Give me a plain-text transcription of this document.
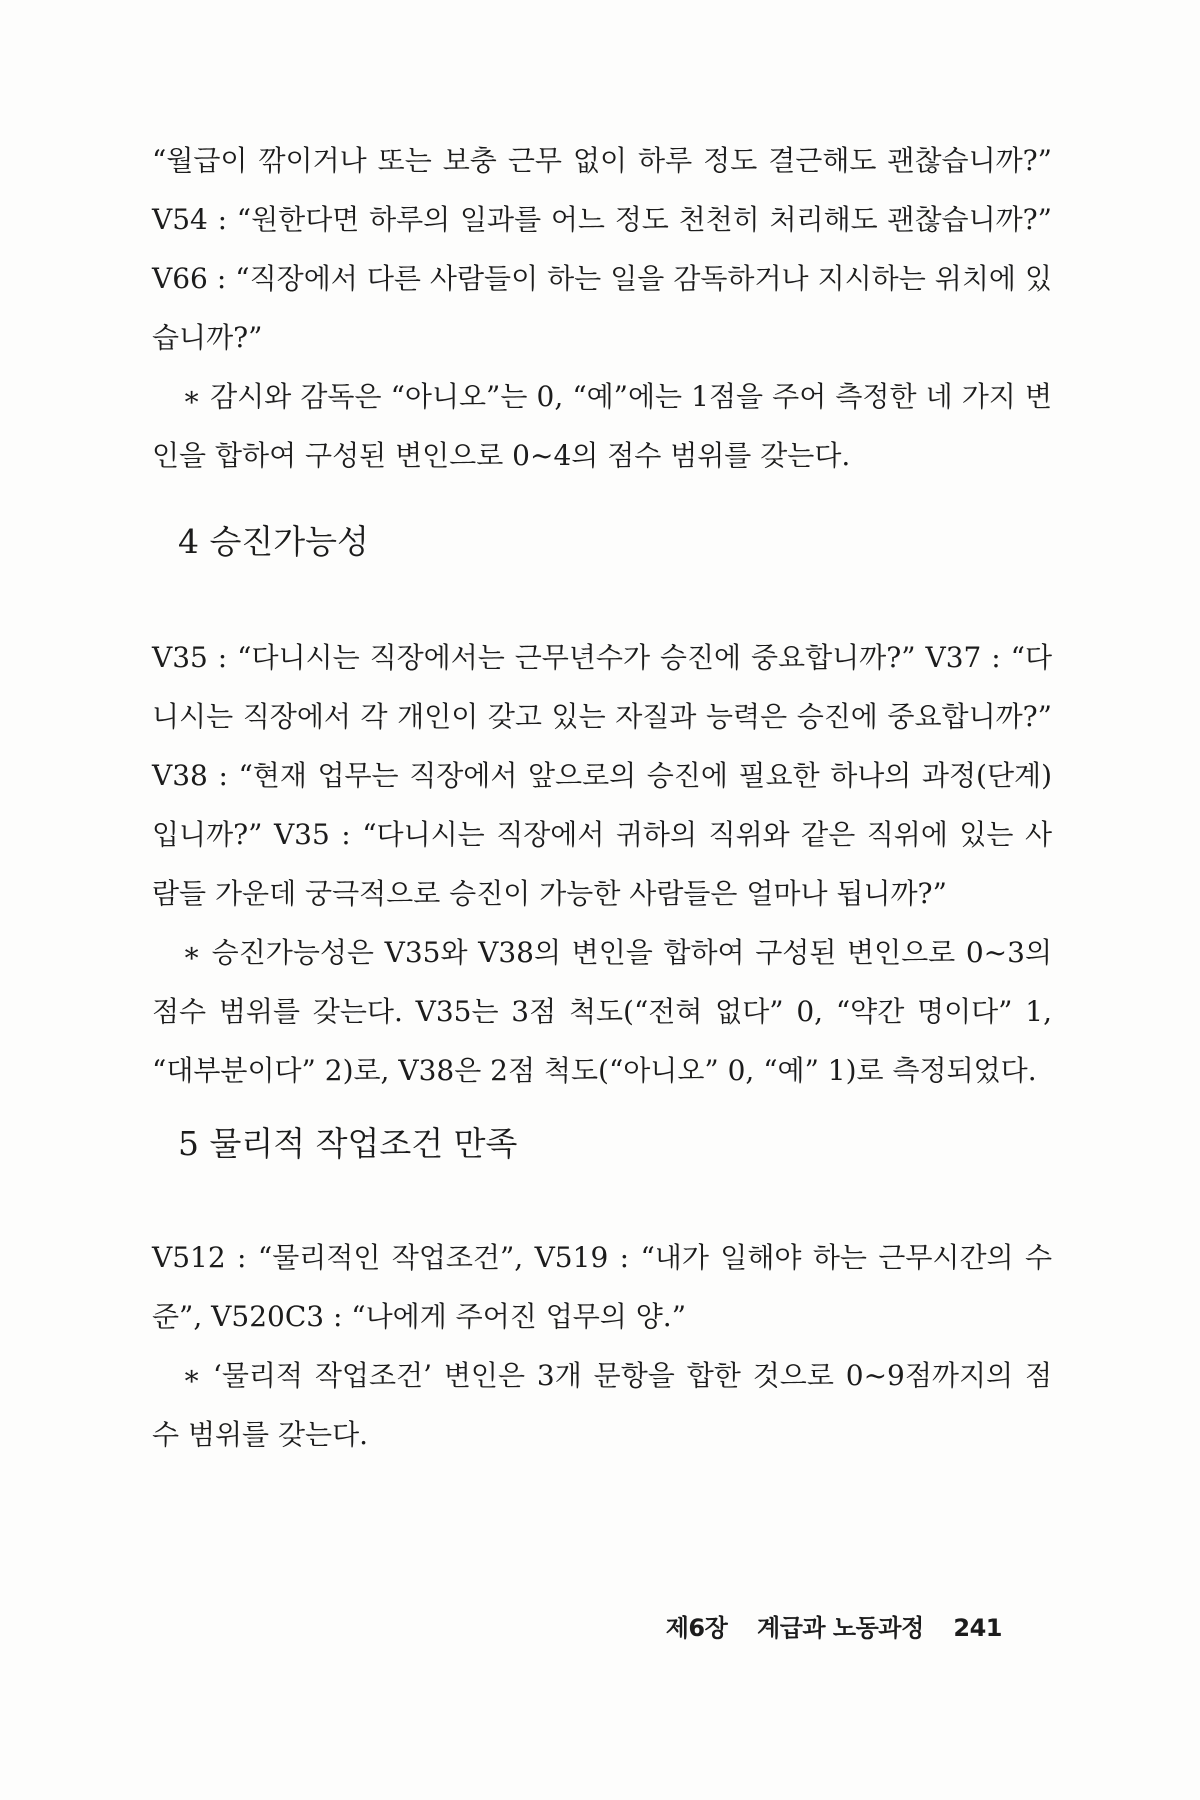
“월급이 깎이거나 또는 보충 근무 없이 하루 정도 결근해도 괜찮습니까?” V54 : “원한다면 하루의 일과를 어느 정도 천천히 처리해도 괜찮습니까?” V66 : “직장에서 다른 사람들이 하는 일을 감독하거나 지시하는 위치에 있습니까?”

∗ 감시와 감독은 “아니오”는 0, “예”에는 1점을 주어 측정한 네 가지 변인을 합하여 구성된 변인으로 0~4의 점수 범위를 갖는다.

4 승진가능성

V35 : “다니시는 직장에서는 근무년수가 승진에 중요합니까?” V37 : “다니시는 직장에서 각 개인이 갖고 있는 자질과 능력은 승진에 중요합니까?” V38 : “현재 업무는 직장에서 앞으로의 승진에 필요한 하나의 과정(단계)입니까?” V35 : “다니시는 직장에서 귀하의 직위와 같은 직위에 있는 사람들 가운데 궁극적으로 승진이 가능한 사람들은 얼마나 됩니까?”

∗ 승진가능성은 V35와 V38의 변인을 합하여 구성된 변인으로 0~3의 점수 범위를 갖는다. V35는 3점 척도(“전혀 없다” 0, “약간 명이다” 1, “대부분이다” 2)로, V38은 2점 척도(“아니오” 0, “예” 1)로 측정되었다.

5 물리적 작업조건 만족

V512 : “물리적인 작업조건”, V519 : “내가 일해야 하는 근무시간의 수준”, V520C3 : “나에게 주어진 업무의 양.”

∗ ‘물리적 작업조건’ 변인은 3개 문항을 합한 것으로 0~9점까지의 점수 범위를 갖는다.

제6장 계급과 노동과정 241
